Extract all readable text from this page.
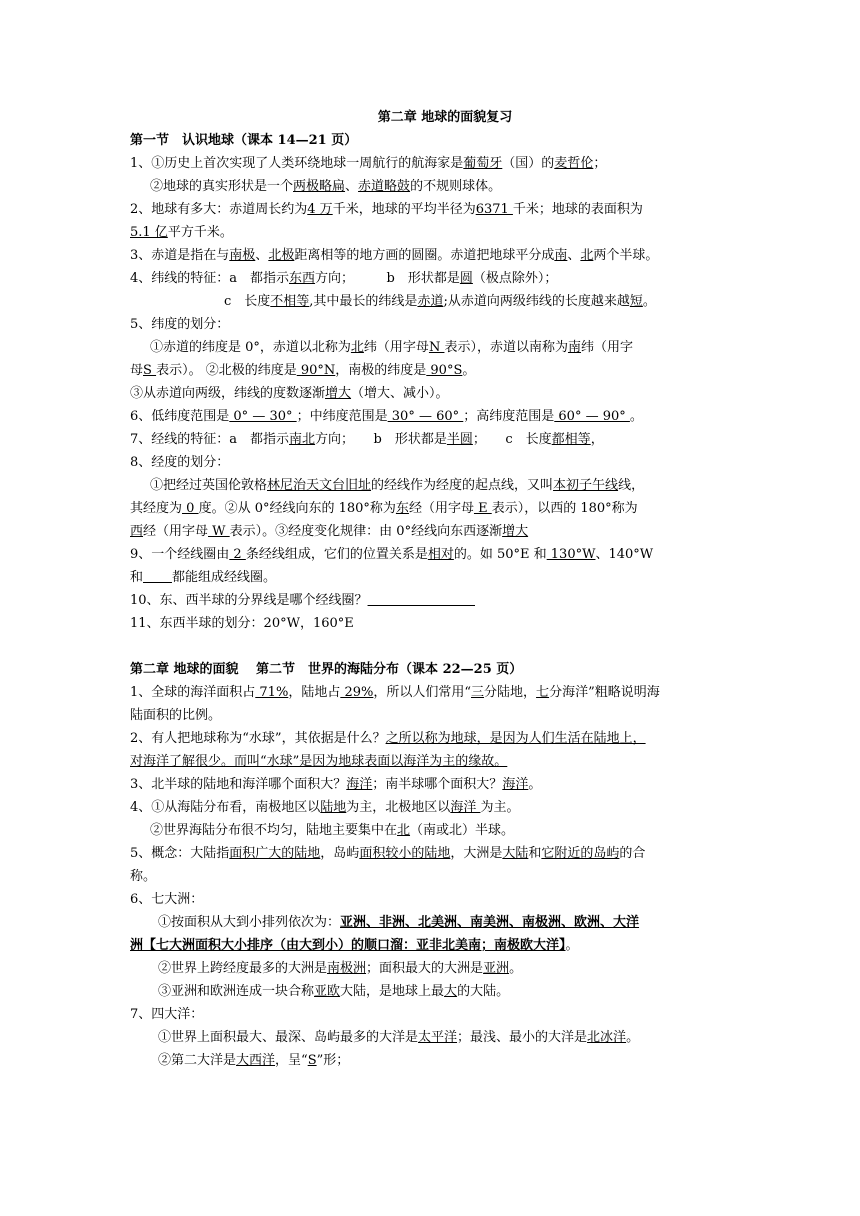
第二章 地球的面貌复习

第一节　认识地球（课本 14—21 页）

1、①历史上首次实现了人类环绕地球一周航行的航海家是葡萄牙（国）的麦哲伦；

②地球的真实形状是一个两极略扁、赤道略鼓的不规则球体。

2、地球有多大：赤道周长约为4 万千米，地球的平均半径为6371 千米；地球的表面积为

5.1 亿平方千米。

3、赤道是指在与南极、北极距离相等的地方画的圆圈。赤道把地球平分成南、北两个半球。

4、纬线的特征：a　都指示东西方向；　　　b　形状都是圆（极点除外）；

c　长度不相等,其中最长的纬线是赤道;从赤道向两级纬线的长度越来越短。

5、纬度的划分：

①赤道的纬度是 0°，赤道以北称为北纬（用字母N 表示），赤道以南称为南纬（用字

母S 表示）。 ②北极的纬度是 90°N，南极的纬度是 90°S。

③从赤道向两级，纬线的度数逐渐增大（增大、减小）。

6、低纬度范围是 0° — 30° ；中纬度范围是 30° — 60° ；高纬度范围是 60° — 90° 。

7、经线的特征：a　都指示南北方向；　　b　形状都是半圆；　　c　长度都相等，

8、经度的划分：

①把经过英国伦敦格林尼治天文台旧址的经线作为经度的起点线，又叫本初子午线线，

其经度为 0 度。②从 0°经线向东的 180°称为东经（用字母 E 表示），以西的 180°称为

西经（用字母 W 表示）。③经度变化规律：由 0°经线向东西逐渐增大

9、一个经线圈由 2 条经线组成，它们的位置关系是相对的。如 50°E 和 130°W、140°W

和 都能组成经线圈。

10、东、西半球的分界线是哪个经线圈？

11、东西半球的划分：20°W，160°E

第二章 地球的面貌　 第二节　世界的海陆分布（课本 22—25 页）

1、全球的海洋面积占 71%，陆地占 29%，所以人们常用“三分陆地，七分海洋”粗略说明海

陆面积的比例。

2、有人把地球称为“水球”，其依据是什么？之所以称为地球，是因为人们生活在陆地上，

对海洋了解很少。而叫“水球”是因为地球表面以海洋为主的缘故。

3、北半球的陆地和海洋哪个面积大？海洋；南半球哪个面积大？海洋。

4、①从海陆分布看，南极地区以陆地为主，北极地区以海洋 为主。

②世界海陆分布很不均匀，陆地主要集中在北（南或北）半球。

5、概念：大陆指面积广大的陆地，岛屿面积较小的陆地，大洲是大陆和它附近的岛屿的合

称。

6、七大洲：

①按面积从大到小排列依次为：亚洲、非洲、北美洲、南美洲、南极洲、欧洲、大洋

洲【七大洲面积大小排序（由大到小）的顺口溜：亚非北美南；南极欧大洋】。

②世界上跨经度最多的大洲是南极洲；面积最大的大洲是亚洲。

③亚洲和欧洲连成一块合称亚欧大陆，是地球上最大的大陆。

7、四大洋：

①世界上面积最大、最深、岛屿最多的大洋是太平洋；最浅、最小的大洋是北冰洋。

②第二大洋是大西洋，呈“S”形；
